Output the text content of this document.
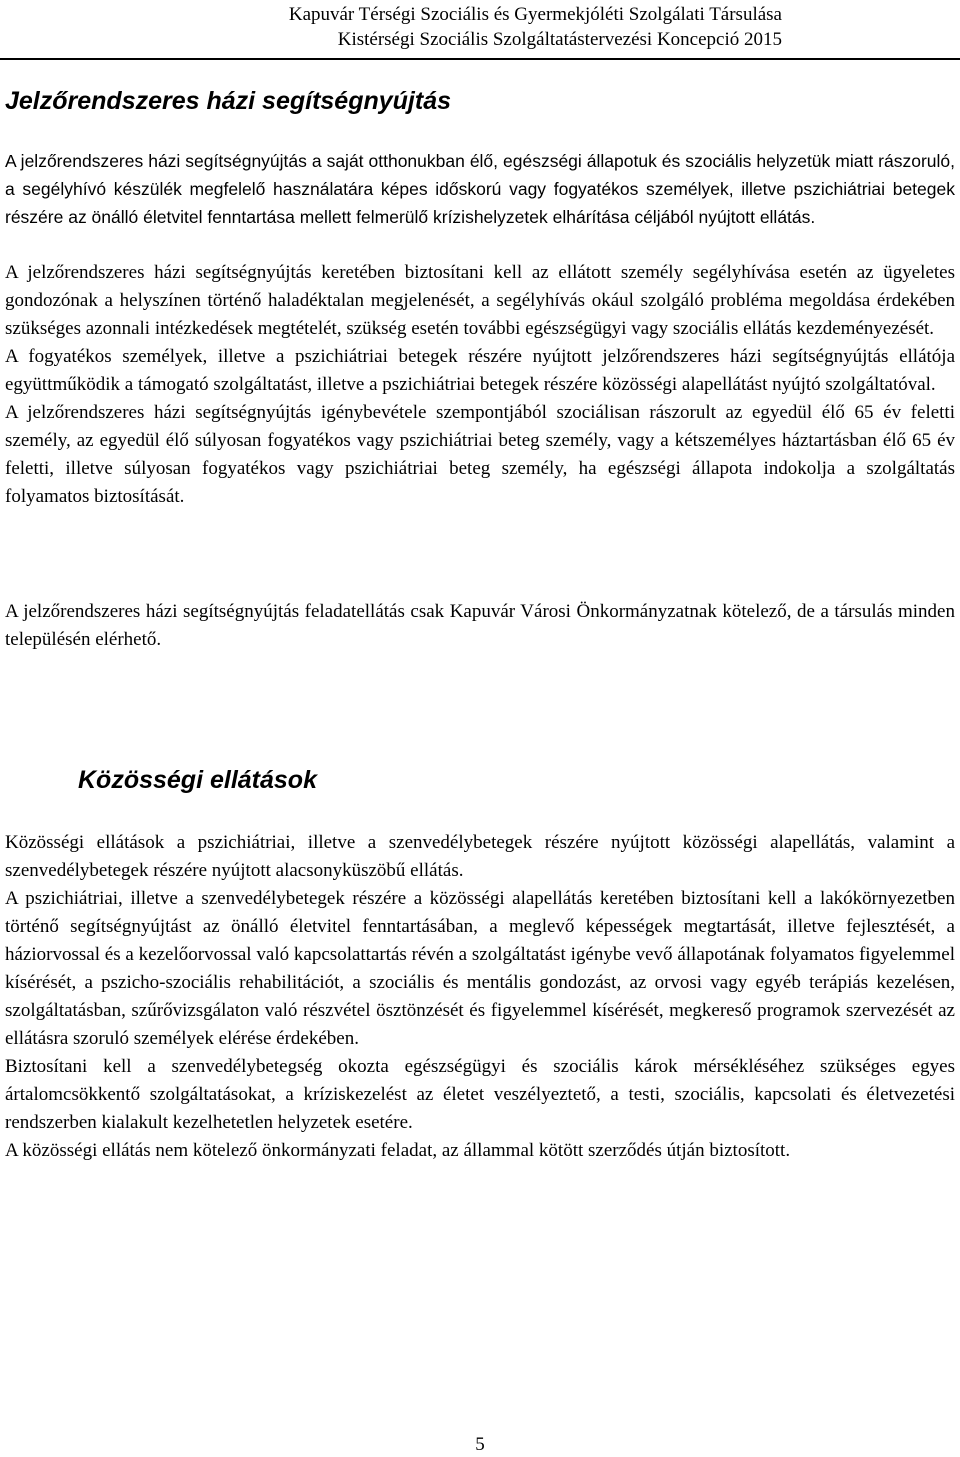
Kapuvár Térségi Szociális és Gyermekjóléti Szolgálati Társulása
Kistérségi Szociális Szolgáltatástervezési Koncepció 2015
Jelzőrendszeres házi segítségnyújtás

A jelzőrendszeres házi segítségnyújtás a saját otthonukban élő, egészségi állapotuk és szociális helyzetük miatt rászoruló, a segélyhívó készülék megfelelő használatára képes időskorú vagy fogyatékos személyek, illetve pszichiátriai betegek részére az önálló életvitel fenntartása mellett felmerülő krízishelyzetek elhárítása céljából nyújtott ellátás.

A jelzőrendszeres házi segítségnyújtás keretében biztosítani kell az ellátott személy segélyhívása esetén az ügyeletes gondozónak a helyszínen történő haladéktalan megjelenését, a segélyhívás okául szolgáló probléma megoldása érdekében szükséges azonnali intézkedések megtételét, szükség esetén további egészségügyi vagy szociális ellátás kezdeményezését.

A fogyatékos személyek, illetve a pszichiátriai betegek részére nyújtott jelzőrendszeres házi segítségnyújtás ellátója együttműködik a támogató szolgáltatást, illetve a pszichiátriai betegek részére közösségi alapellátást nyújtó szolgáltatóval.

A jelzőrendszeres házi segítségnyújtás igénybevétele szempontjából szociálisan rászorult az egyedül élő 65 év feletti személy, az egyedül élő súlyosan fogyatékos vagy pszichiátriai beteg személy, vagy a kétszemélyes háztartásban élő 65 év feletti, illetve súlyosan fogyatékos vagy pszichiátriai beteg személy, ha egészségi állapota indokolja a szolgáltatás folyamatos biztosítását.

A jelzőrendszeres házi segítségnyújtás feladatellátás csak Kapuvár Városi Önkormányzatnak kötelező, de a társulás minden településén elérhető.

Közösségi ellátások

Közösségi ellátások a pszichiátriai, illetve a szenvedélybetegek részére nyújtott közösségi alapellátás, valamint a szenvedélybetegek részére nyújtott alacsonyküszöbű ellátás.

A pszichiátriai, illetve a szenvedélybetegek részére a közösségi alapellátás keretében biztosítani kell a lakókörnyezetben történő segítségnyújtást az önálló életvitel fenntartásában, a meglevő képességek megtartását, illetve fejlesztését, a háziorvossal és a kezelőorvossal való kapcsolattartás révén a szolgáltatást igénybe vevő állapotának folyamatos figyelemmel kísérését, a pszicho-szociális rehabilitációt, a szociális és mentális gondozást, az orvosi vagy egyéb terápiás kezelésen, szolgáltatásban, szűrővizsgálaton való részvétel ösztönzését és figyelemmel kísérését, megkereső programok szervezését az ellátásra szoruló személyek elérése érdekében.

Biztosítani kell a szenvedélybetegség okozta egészségügyi és szociális károk mérsékléséhez szükséges egyes ártalomcsökkentő szolgáltatásokat, a kríziskezelést az életet veszélyeztető, a testi, szociális, kapcsolati és életvezetési rendszerben kialakult kezelhetetlen helyzetek esetére.

A közösségi ellátás nem kötelező önkormányzati feladat, az állammal kötött szerződés útján biztosított.

5
